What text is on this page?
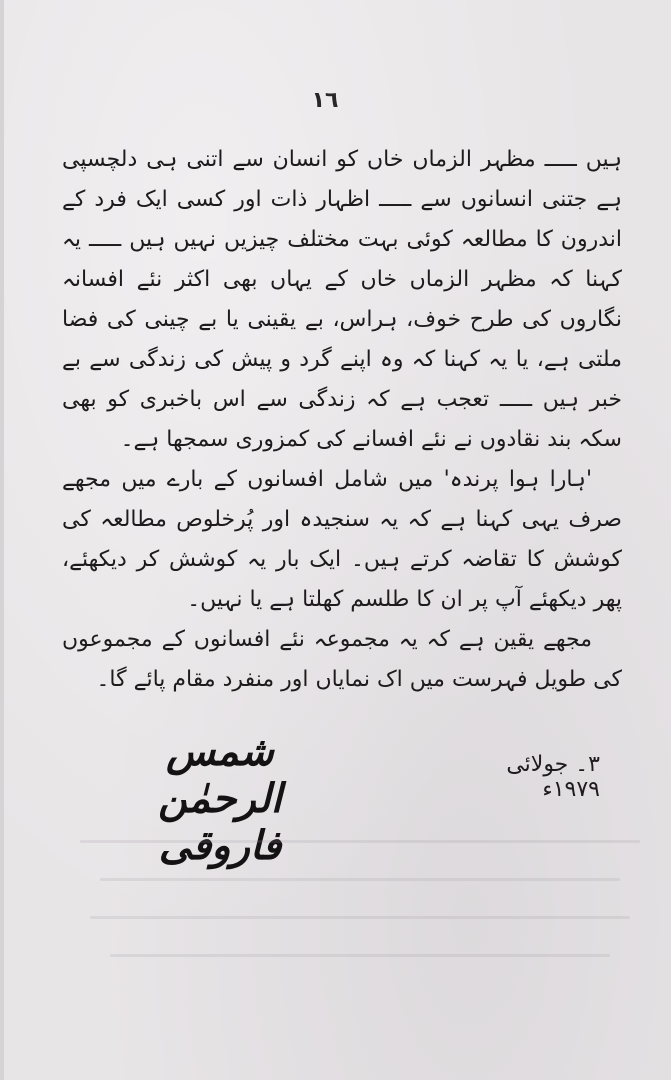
١٦

ہیں ـــــ مظہر الزماں خاں کو انسان سے اتنی ہی دلچسپی ہے جتنی انسانوں سے ـــــ اظہار ذات اور کسی ایک فرد کے اندرون کا مطالعہ کوئی بہت مختلف چیزیں نہیں ہیں ـــــ یہ کہنا کہ مظہر الزماں خاں کے یہاں بھی اکثر نئے افسانہ نگاروں کی طرح خوف، ہراس، بے یقینی یا بے چینی کی فضا ملتی ہے، یا یہ کہنا کہ وہ اپنے گرد و پیش کی زندگی سے بے خبر ہیں ـــــ تعجب ہے کہ زندگی سے اس باخبری کو بھی سکہ بند نقادوں نے نئے افسانے کی کمزوری سمجھا ہے۔

'ہارا ہوا پرندہ' میں شامل افسانوں کے بارے میں مجھے صرف یہی کہنا ہے کہ یہ سنجیدہ اور پُرخلوص مطالعہ کی کوشش کا تقاضہ کرتے ہیں۔ ایک بار یہ کوشش کر دیکھئے، پھر دیکھئے آپ پر ان کا طلسم کھلتا ہے یا نہیں۔

مجھے یقین ہے کہ یہ مجموعہ نئے افسانوں کے مجموعوں کی طویل فہرست میں اک نمایاں اور منفرد مقام پائے گا۔

شمس الرحمٰن فاروقی
۳۔ جولائی ۱۹۷۹ء
